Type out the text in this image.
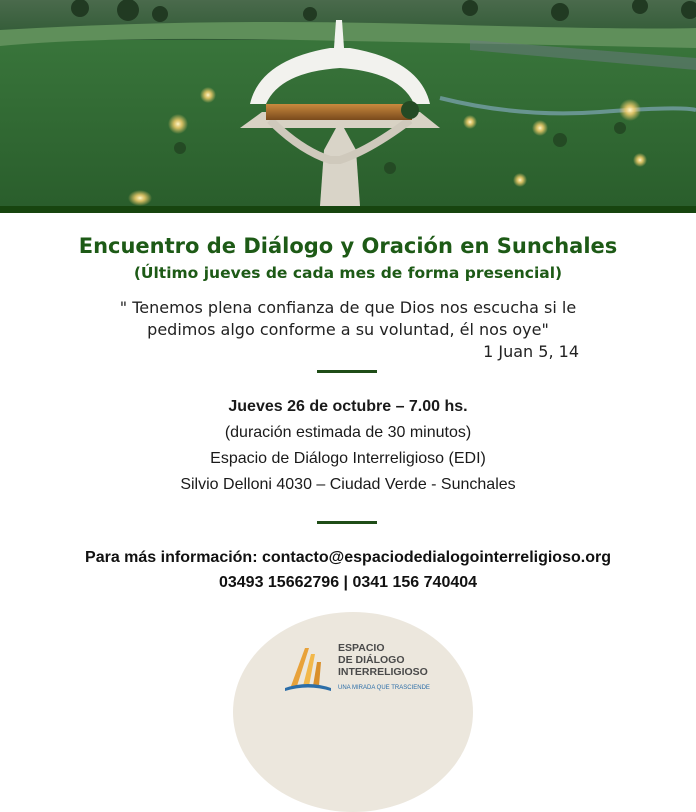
Encuentro de Diálogo y Oración en Sunchales
(Último jueves de cada mes de forma presencial)
" Tenemos plena confianza de que Dios nos escucha si le
pedimos algo conforme a su voluntad, él nos oye"
1 Juan 5, 14
Jueves 26 de octubre – 7.00 hs.
(duración estimada de 30 minutos)
Espacio de Diálogo Interreligioso (EDI)
Silvio Delloni 4030 – Ciudad Verde - Sunchales
Para más información: contacto@espaciodedialogointerreligioso.org
03493 15662796 | 0341 156 740404
ESPACIO
DE DIÁLOGO
INTERRELIGIOSO
UNA MIRADA QUE TRASCIENDE
